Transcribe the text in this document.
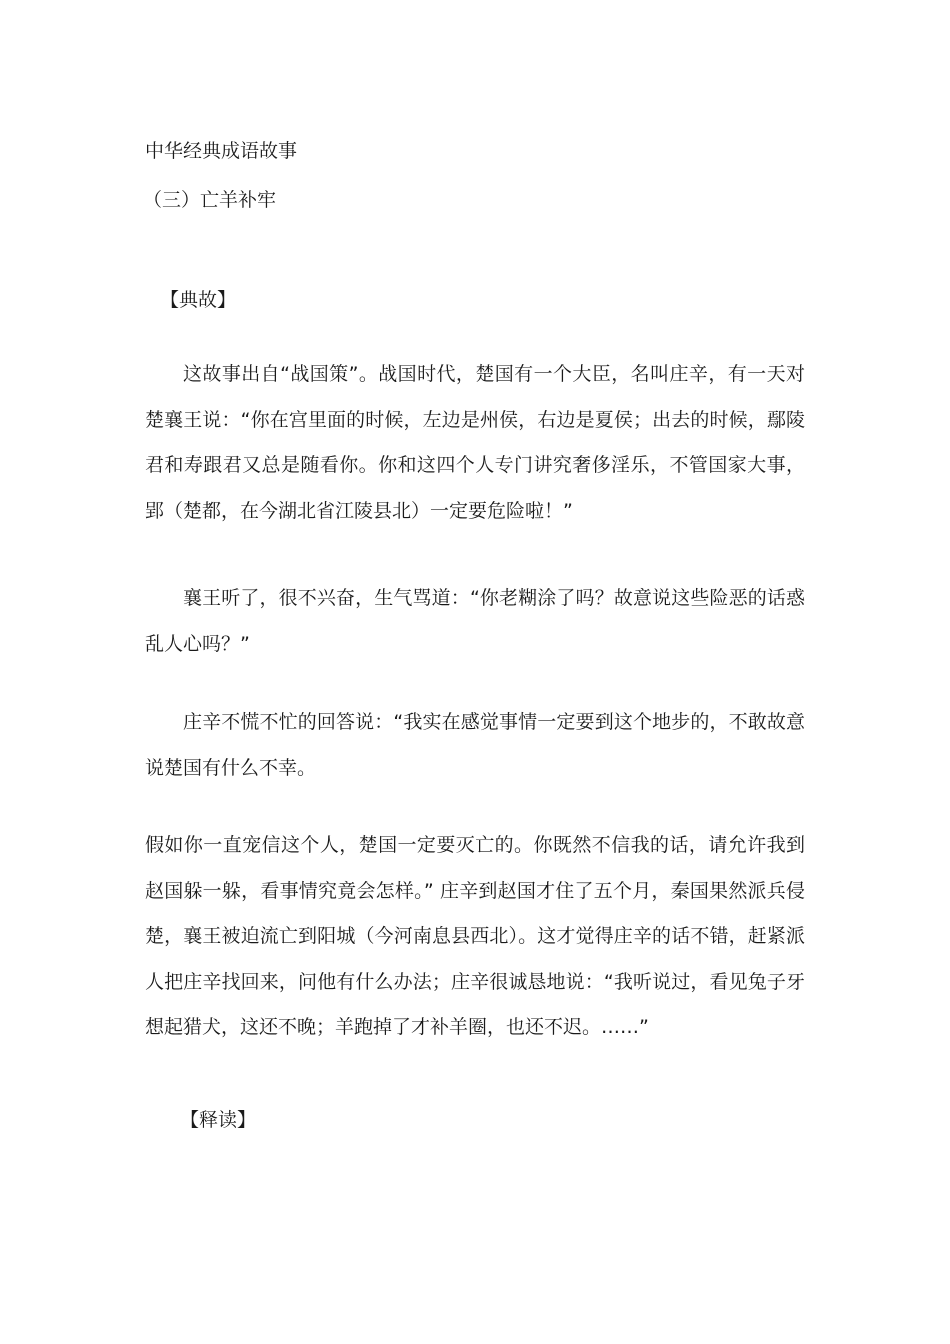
中华经典成语故事
（三）亡羊补牢
【典故】
这故事出自“战国策”。战国时代，楚国有一个大臣，名叫庄辛，有一天对楚襄王说：“你在宫里面的时候，左边是州侯，右边是夏侯；出去的时候，鄢陵君和寿跟君又总是随看你。你和这四个人专门讲究奢侈淫乐，不管国家大事，郢（楚都，在今湖北省江陵县北）一定要危险啦！”
襄王听了，很不兴奋，生气骂道：“你老糊涂了吗？故意说这些险恶的话惑乱人心吗？”
庄辛不慌不忙的回答说：“我实在感觉事情一定要到这个地步的，不敢故意说楚国有什么不幸。
假如你一直宠信这个人，楚国一定要灭亡的。你既然不信我的话，请允许我到赵国躲一躲，看事情究竟会怎样。” 庄辛到赵国才住了五个月，秦国果然派兵侵楚，襄王被迫流亡到阳城（今河南息县西北）。这才觉得庄辛的话不错，赶紧派人把庄辛找回来，问他有什么办法；庄辛很诚恳地说：“我听说过，看见兔子牙想起猎犬，这还不晚；羊跑掉了才补羊圈，也还不迟。……”
【释读】
